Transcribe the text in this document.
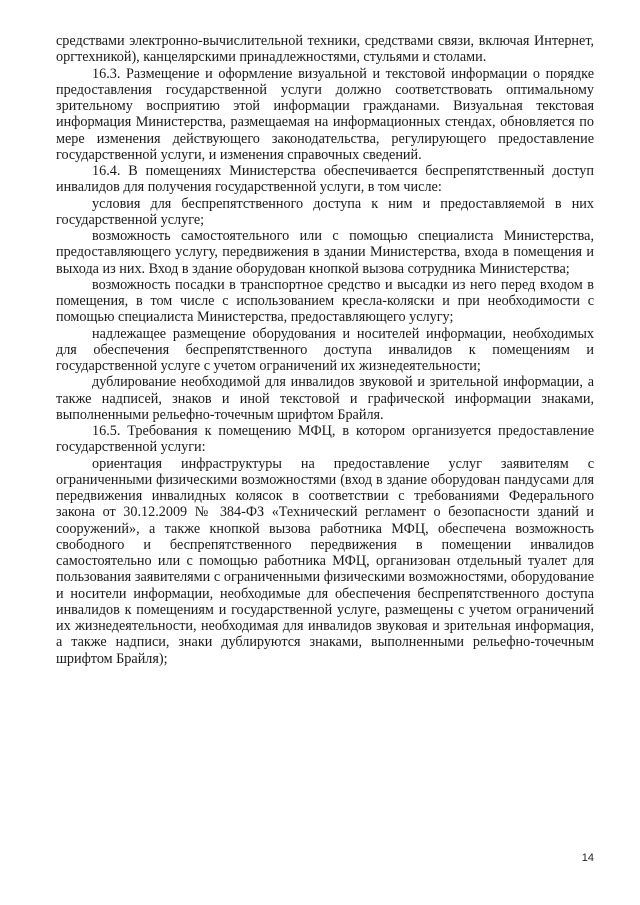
средствами электронно-вычислительной техники, средствами связи, включая Интернет, оргтехникой), канцелярскими принадлежностями, стульями и столами.

16.3. Размещение и оформление визуальной и текстовой информации о порядке предоставления государственной услуги должно соответствовать оптимальному зрительному восприятию этой информации гражданами. Визуальная текстовая информация Министерства, размещаемая на информационных стендах, обновляется по мере изменения действующего законодательства, регулирующего предоставление государственной услуги, и изменения справочных сведений.

16.4. В помещениях Министерства обеспечивается беспрепятственный доступ инвалидов для получения государственной услуги, в том числе:

условия для беспрепятственного доступа к ним и предоставляемой в них государственной услуге;

возможность самостоятельного или с помощью специалиста Министерства, предоставляющего услугу, передвижения в здании Министерства, входа в помещения и выхода из них. Вход в здание оборудован кнопкой вызова сотрудника Министерства;

возможность посадки в транспортное средство и высадки из него перед входом в помещения, в том числе с использованием кресла-коляски и при необходимости с помощью специалиста Министерства, предоставляющего услугу;

надлежащее размещение оборудования и носителей информации, необходимых для обеспечения беспрепятственного доступа инвалидов к помещениям и государственной услуге с учетом ограничений их жизнедеятельности;

дублирование необходимой для инвалидов звуковой и зрительной информации, а также надписей, знаков и иной текстовой и графической информации знаками, выполненными рельефно-точечным шрифтом Брайля.

16.5. Требования к помещению МФЦ, в котором организуется предоставление государственной услуги:

ориентация инфраструктуры на предоставление услуг заявителям с ограниченными физическими возможностями (вход в здание оборудован пандусами для передвижения инвалидных колясок в соответствии с требованиями Федерального закона от 30.12.2009 № 384-ФЗ «Технический регламент о безопасности зданий и сооружений», а также кнопкой вызова работника МФЦ, обеспечена возможность свободного и беспрепятственного передвижения в помещении инвалидов самостоятельно или с помощью работника МФЦ, организован отдельный туалет для пользования заявителями с ограниченными физическими возможностями, оборудование и носители информации, необходимые для обеспечения беспрепятственного доступа инвалидов к помещениям и государственной услуге, размещены с учетом ограничений их жизнедеятельности, необходимая для инвалидов звуковая и зрительная информация, а также надписи, знаки дублируются знаками, выполненными рельефно-точечным шрифтом Брайля);

14
